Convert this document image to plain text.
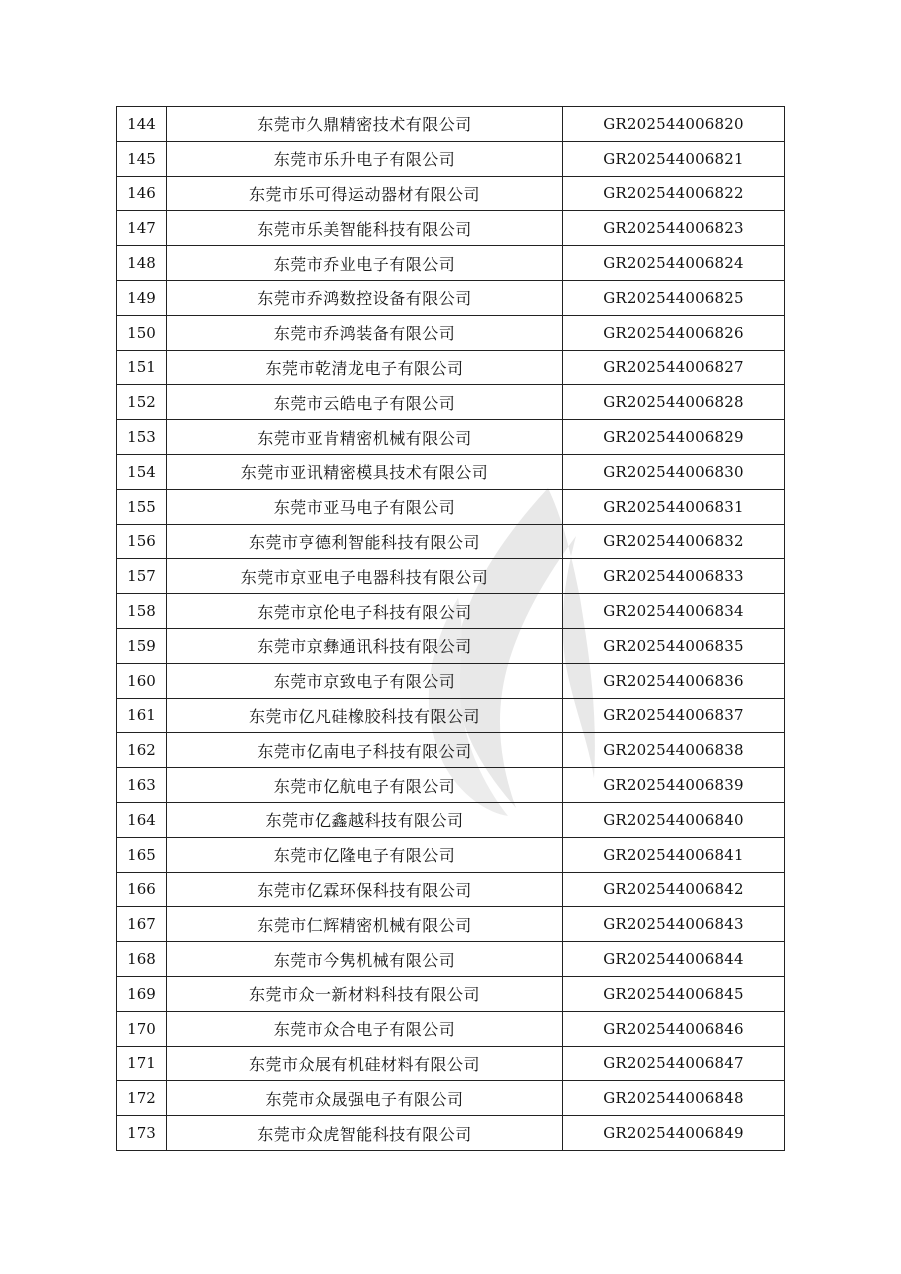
144	东莞市久鼎精密技术有限公司	GR202544006820
145	东莞市乐升电子有限公司	GR202544006821
146	东莞市乐可得运动器材有限公司	GR202544006822
147	东莞市乐美智能科技有限公司	GR202544006823
148	东莞市乔业电子有限公司	GR202544006824
149	东莞市乔鸿数控设备有限公司	GR202544006825
150	东莞市乔鸿装备有限公司	GR202544006826
151	东莞市乾清龙电子有限公司	GR202544006827
152	东莞市云皓电子有限公司	GR202544006828
153	东莞市亚肯精密机械有限公司	GR202544006829
154	东莞市亚讯精密模具技术有限公司	GR202544006830
155	东莞市亚马电子有限公司	GR202544006831
156	东莞市亨德利智能科技有限公司	GR202544006832
157	东莞市京亚电子电器科技有限公司	GR202544006833
158	东莞市京伦电子科技有限公司	GR202544006834
159	东莞市京彝通讯科技有限公司	GR202544006835
160	东莞市京致电子有限公司	GR202544006836
161	东莞市亿凡硅橡胶科技有限公司	GR202544006837
162	东莞市亿南电子科技有限公司	GR202544006838
163	东莞市亿航电子有限公司	GR202544006839
164	东莞市亿鑫越科技有限公司	GR202544006840
165	东莞市亿隆电子有限公司	GR202544006841
166	东莞市亿霖环保科技有限公司	GR202544006842
167	东莞市仁辉精密机械有限公司	GR202544006843
168	东莞市今隽机械有限公司	GR202544006844
169	东莞市众一新材料科技有限公司	GR202544006845
170	东莞市众合电子有限公司	GR202544006846
171	东莞市众展有机硅材料有限公司	GR202544006847
172	东莞市众晟强电子有限公司	GR202544006848
173	东莞市众虎智能科技有限公司	GR202544006849
